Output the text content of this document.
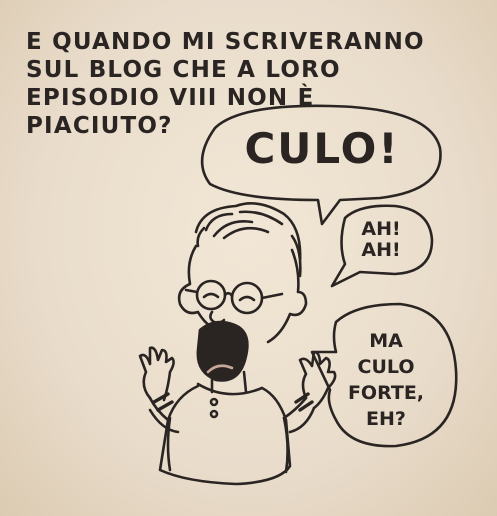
E QUANDO MI SCRIVERANNO
SUL BLOG CHE A LORO
EPISODIO VIII NON È
PIACIUTO?	CULO!
AH!
AH!
MA
CULO
FORTE,
EH?
